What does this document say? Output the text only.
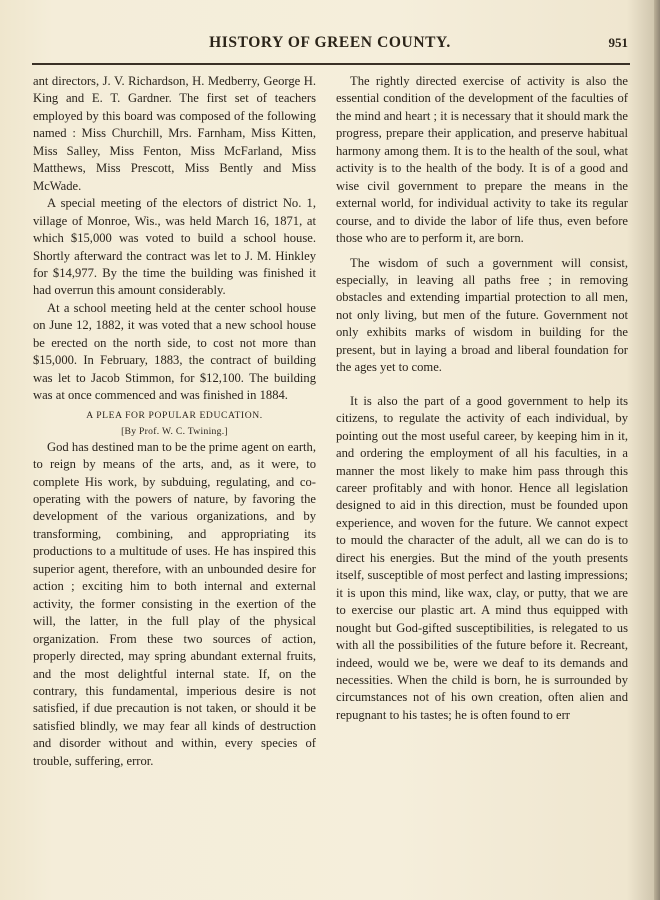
HISTORY OF GREEN COUNTY.	951

ant directors, J. V. Richardson, H. Medberry, George H. King and E. T. Gardner. The first set of teachers employed by this board was composed of the following named : Miss Churchill, Mrs. Farnham, Miss Kitten, Miss Salley, Miss Fenton, Miss McFarland, Miss Matthews, Miss Prescott, Miss Bently and Miss McWade.

A special meeting of the electors of district No. 1, village of Monroe, Wis., was held March 16, 1871, at which $15,000 was voted to build a school house. Shortly afterward the contract was let to J. M. Hinkley for $14,977. By the time the building was finished it had overrun this amount considerably.

At a school meeting held at the center school house on June 12, 1882, it was voted that a new school house be erected on the north side, to cost not more than $15,000. In February, 1883, the contract of building was let to Jacob Stimmon, for $12,100. The building was at once commenced and was finished in 1884.

A PLEA FOR POPULAR EDUCATION.
[By Prof. W. C. Twining.]

God has destined man to be the prime agent on earth, to reign by means of the arts, and, as it were, to complete His work, by subduing, regulating, and co-operating with the powers of nature, by favoring the development of the various organizations, and by transforming, combining, and appropriating its productions to a multitude of uses. He has inspired this superior agent, therefore, with an unbounded desire for action ; exciting him to both internal and external activity, the former consisting in the exertion of the will, the latter, in the full play of the physical organization. From these two sources of action, properly directed, may spring abundant external fruits, and the most delightful internal state. If, on the contrary, this fundamental, imperious desire is not satisfied, if due precaution is not taken, or should it be satisfied blindly, we may fear all kinds of destruction and disorder without and within, every species of trouble, suffering, error.

The rightly directed exercise of activity is also the essential condition of the development of the faculties of the mind and heart ; it is necessary that it should mark the progress, prepare their application, and preserve habitual harmony among them. It is to the health of the soul, what activity is to the health of the body. It is of a good and wise civil government to prepare the means in the external world, for individual activity to take its regular course, and to divide the labor of life thus, even before those who are to perform it, are born.

The wisdom of such a government will consist, especially, in leaving all paths free ; in removing obstacles and extending impartial protection to all men, not only living, but men of the future. Government not only exhibits marks of wisdom in building for the present, but in laying a broad and liberal foundation for the ages yet to come.

It is also the part of a good government to help its citizens, to regulate the activity of each individual, by pointing out the most useful career, by keeping him in it, and ordering the employment of all his faculties, in a manner the most likely to make him pass through this career profitably and with honor. Hence all legislation designed to aid in this direction, must be founded upon experience, and woven for the future. We cannot expect to mould the character of the adult, all we can do is to direct his energies. But the mind of the youth presents itself, susceptible of most perfect and lasting impressions; it is upon this mind, like wax, clay, or putty, that we are to exercise our plastic art. A mind thus equipped with nought but God-gifted susceptibilities, is relegated to us with all the possibilities of the future before it. Recreant, indeed, would we be, were we deaf to its demands and necessities. When the child is born, he is surrounded by circumstances not of his own creation, often alien and repugnant to his tastes; he is often found to err
